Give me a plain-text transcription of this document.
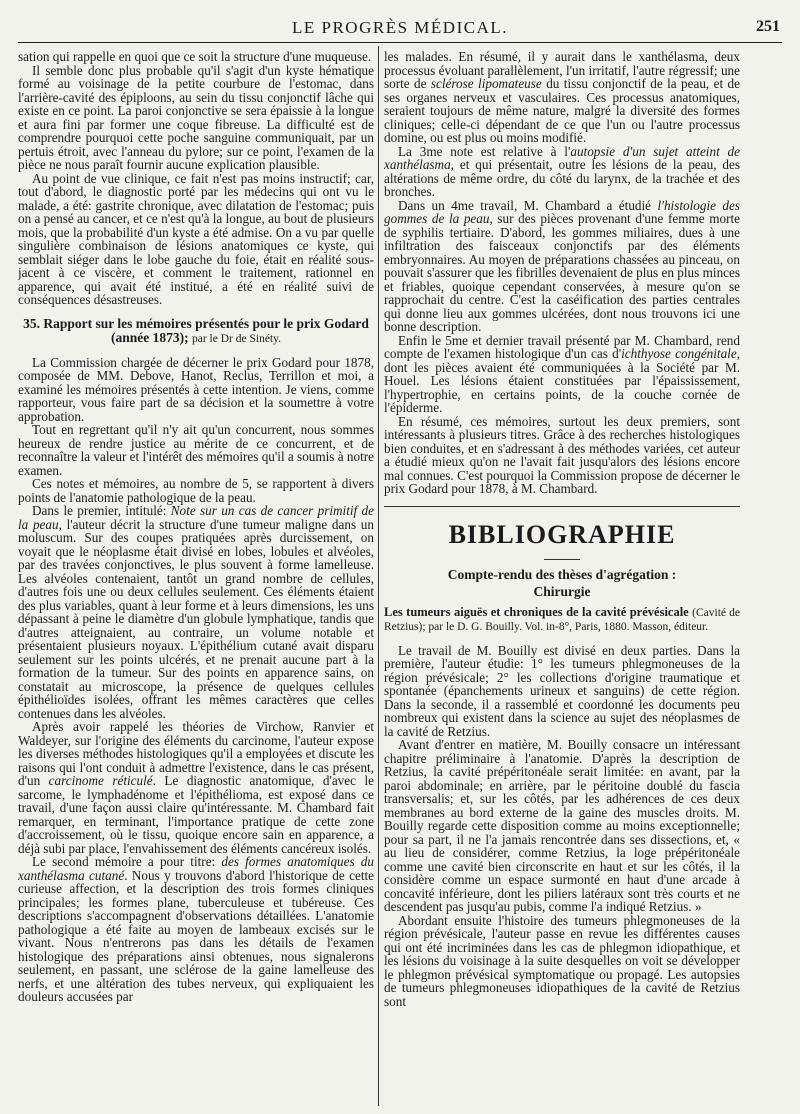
LE PROGRÈS MÉDICAL.	251

sation qui rappelle en quoi que ce soit la structure d'une muqueuse.

Il semble donc plus probable qu'il s'agit d'un kyste hématique formé au voisinage de la petite courbure de l'estomac, dans l'arrière-cavité des épiploons, au sein du tissu conjonctif lâche qui existe en ce point. La paroi conjonctive se sera épaissie à la longue et aura fini par former une coque fibreuse. La difficulté est de comprendre pourquoi cette poche sanguine communiquait, par un pertuis étroit, avec l'anneau du pylore; sur ce point, l'examen de la pièce ne nous paraît fournir aucune explication plausible.

Au point de vue clinique, ce fait n'est pas moins instructif; car, tout d'abord, le diagnostic porté par les médecins qui ont vu le malade, a été: gastrite chronique, avec dilatation de l'estomac; puis on a pensé au cancer, et ce n'est qu'à la longue, au bout de plusieurs mois, que la probabilité d'un kyste a été admise. On a vu par quelle singulière combinaison de lésions anatomiques ce kyste, qui semblait siéger dans le lobe gauche du foie, était en réalité sous-jacent à ce viscère, et comment le traitement, rationnel en apparence, qui avait été institué, a été en réalité suivi de conséquences désastreuses.

35. Rapport sur les mémoires présentés pour le prix Godard (année 1873); par le Dr de Sinéty.

La Commission chargée de décerner le prix Godard pour 1878, composée de MM. Debove, Hanot, Reclus, Terrillon et moi, a examiné les mémoires présentés à cette intention. Je viens, comme rapporteur, vous faire part de sa décision et la soumettre à votre approbation.

Tout en regrettant qu'il n'y ait qu'un concurrent, nous sommes heureux de rendre justice au mérite de ce concurrent, et de reconnaître la valeur et l'intérêt des mémoires qu'il a soumis à notre examen.

Ces notes et mémoires, au nombre de 5, se rapportent à divers points de l'anatomie pathologique de la peau.

Dans le premier, intitulé: Note sur un cas de cancer primitif de la peau, l'auteur décrit la structure d'une tumeur maligne dans un moluscum. Sur des coupes pratiquées après durcissement, on voyait que le néoplasme était divisé en lobes, lobules et alvéoles, par des travées conjonctives, le plus souvent à forme lamelleuse. Les alvéoles contenaient, tantôt un grand nombre de cellules, d'autres fois une ou deux cellules seulement. Ces éléments étaient des plus variables, quant à leur forme et à leurs dimensions, les uns dépassant à peine le diamètre d'un globule lymphatique, tandis que d'autres atteignaient, au contraire, un volume notable et présentaient plusieurs noyaux. L'épithélium cutané avait disparu seulement sur les points ulcérés, et ne prenait aucune part à la formation de la tumeur. Sur des points en apparence sains, on constatait au microscope, la présence de quelques cellules épithélioïdes isolées, offrant les mêmes caractères que celles contenues dans les alvéoles.

Après avoir rappelé les théories de Virchow, Ranvier et Waldeyer, sur l'origine des éléments du carcinome, l'auteur expose les diverses méthodes histologiques qu'il a employées et discute les raisons qui l'ont conduit à admettre l'existence, dans le cas présent, d'un carcinome réticulé. Le diagnostic anatomique, d'avec le sarcome, le lymphadénome et l'épithélioma, est exposé dans ce travail, d'une façon aussi claire qu'intéressante. M. Chambard fait remarquer, en terminant, l'importance pratique de cette zone d'accroissement, où le tissu, quoique encore sain en apparence, a déjà subi par place, l'envahissement des éléments cancéreux isolés.

Le second mémoire a pour titre: des formes anatomiques du xanthélasma cutané. Nous y trouvons d'abord l'historique de cette curieuse affection, et la description des trois formes cliniques principales; les formes plane, tuberculeuse et tubéreuse. Ces descriptions s'accompagnent d'observations détaillées. L'anatomie pathologique a été faite au moyen de lambeaux excisés sur le vivant. Nous n'entrerons pas dans les détails de l'examen histologique des préparations ainsi obtenues, nous signalerons seulement, en passant, une sclérose de la gaine lamelleuse des nerfs, et une altération des tubes nerveux, qui expliquaient les douleurs accusées par

les malades. En résumé, il y aurait dans le xanthélasma, deux processus évoluant parallèlement, l'un irritatif, l'autre régressif; une sorte de sclérose lipomateuse du tissu conjonctif de la peau, et de ses organes nerveux et vasculaires. Ces processus anatomiques, seraient toujours de même nature, malgré la diversité des formes cliniques; celle-ci dépendant de ce que l'un ou l'autre processus domine, ou est plus ou moins modifié.

La 3me note est relative à l'autopsie d'un sujet atteint de xanthélasma, et qui présentait, outre les lésions de la peau, des altérations de même ordre, du côté du larynx, de la trachée et des bronches.

Dans un 4me travail, M. Chambard a étudié l'histologie des gommes de la peau, sur des pièces provenant d'une femme morte de syphilis tertiaire. D'abord, les gommes miliaires, dues à une infiltration des faisceaux conjonctifs par des éléments embryonnaires. Au moyen de préparations chassées au pinceau, on pouvait s'assurer que les fibrilles devenaient de plus en plus minces et friables, quoique cependant conservées, à mesure qu'on se rapprochait du centre. C'est la caséification des parties centrales qui donne lieu aux gommes ulcérées, dont nous trouvons ici une bonne description.

Enfin le 5me et dernier travail présenté par M. Chambard, rend compte de l'examen histologique d'un cas d'ichthyose congénitale, dont les pièces avaient été communiquées à la Société par M. Houel. Les lésions étaient constituées par l'épaississement, l'hypertrophie, en certains points, de la couche cornée de l'épiderme.

En résumé, ces mémoires, surtout les deux premiers, sont intéressants à plusieurs titres. Grâce à des recherches histologiques bien conduites, et en s'adressant à des méthodes variées, cet auteur a étudié mieux qu'on ne l'avait fait jusqu'alors des lésions encore mal connues. C'est pourquoi la Commission propose de décerner le prix Godard pour 1878, à M. Chambard.

BIBLIOGRAPHIE
Compte-rendu des thèses d'agrégation :
Chirurgie

Les tumeurs aiguës et chroniques de la cavité prévésicale (Cavité de Retzius); par le D. G. Bouilly. Vol. in-8°, Paris, 1880. Masson, éditeur.

Le travail de M. Bouilly est divisé en deux parties. Dans la première, l'auteur étudie: 1° les tumeurs phlegmoneuses de la région prévésicale; 2° les collections d'origine traumatique et spontanée (épanchements urineux et sanguins) de cette région. Dans la seconde, il a rassemblé et coordonné les documents peu nombreux qui existent dans la science au sujet des néoplasmes de la cavité de Retzius.

Avant d'entrer en matière, M. Bouilly consacre un intéressant chapitre préliminaire à l'anatomie. D'après la description de Retzius, la cavité prépéritonéale serait limitée: en avant, par la paroi abdominale; en arrière, par le péritoine doublé du fascia transversalis; et, sur les côtés, par les adhérences de ces deux membranes au bord externe de la gaine des muscles droits. M. Bouilly regarde cette disposition comme au moins exceptionnelle; pour sa part, il ne l'a jamais rencontrée dans ses dissections, et, « au lieu de considérer, comme Retzius, la loge prépéritonéale comme une cavité bien circonscrite en haut et sur les côtés, il la considère comme un espace surmonté en haut d'une arcade à concavité inférieure, dont les piliers latéraux sont très courts et ne descendent pas jusqu'au pubis, comme l'a indiqué Retzius. »

Abordant ensuite l'histoire des tumeurs phlegmoneuses de la région prévésicale, l'auteur passe en revue les différentes causes qui ont été incriminées dans les cas de phlegmon idiopathique, et les lésions du voisinage à la suite desquelles on voit se développer le phlegmon prévésical symptomatique ou propagé. Les autopsies de tumeurs phlegmoneuses idiopathiques de la cavité de Retzius sont
